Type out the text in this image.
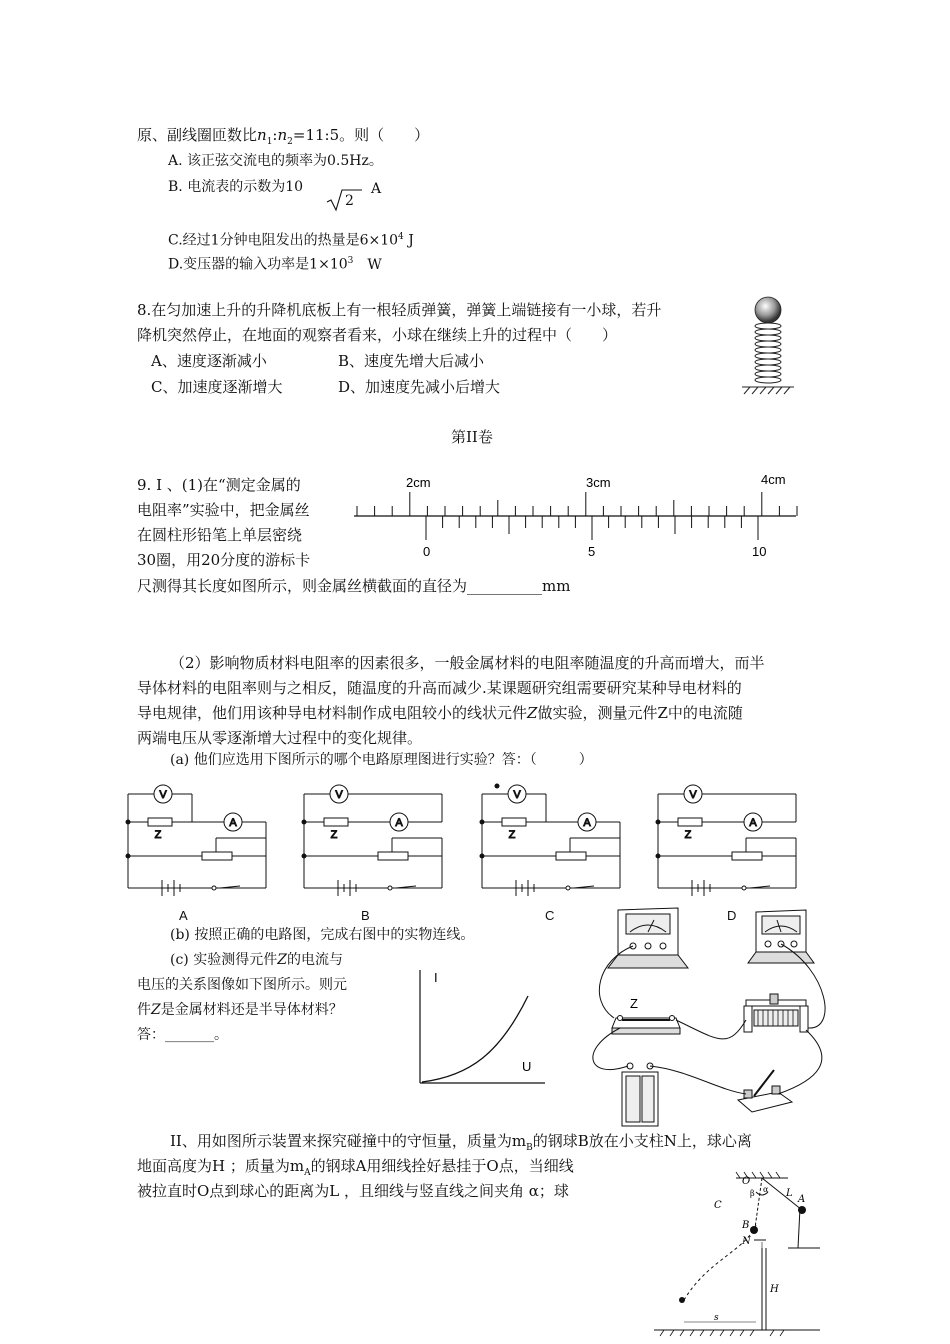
原、副线圈匝数比$n_1:n_2=11:5$。则（　　）
A. 该正弦交流电的频率为0.5Hz。
B. 电流表的示数为10
2
A
C.经过1分钟电阻发出的热量是$6\times 10^4$ J
D.变压器的输入功率是$1\times 10^3$ W
8.在匀加速上升的升降机底板上有一根轻质弹簧，弹簧上端链接有一小球，若升
降机突然停止，在地面的观察者看来，小球在继续上升的过程中（　　）
A、速度逐渐减小	B、速度先增大后减小
C、加速度逐渐增大	D、加速度先减小后增大
第II卷
9. I 、(1)在“测定金属的
电阻率”实验中，把金属丝
在圆柱形铅笔上单层密绕
30圈，用20分度的游标卡
尺测得其长度如图所示，则金属丝横截面的直径为__________mm
2cm	3cm	4cm
0	5	10
（2）影响物质材料电阻率的因素很多，一般金属材料的电阻率随温度的升高而增大，而半
导体材料的电阻率则与之相反，随温度的升高而减少.某课题研究组需要研究某种导电材料的
导电规律，他们用该种导电材料制作成电阻较小的线状元件Z做实验，测量元件Z中的电流随
两端电压从零逐渐增大过程中的变化规律。
(a) 他们应选用下图所示的哪个电路原理图进行实验？答：（　　　）
V
Z
A
V
Z
A
V
Z
A
V
Z
A
A	B	C	D
(b) 按照正确的电路图，完成右图中的实物连线。
(c) 实验测得元件Z的电流与
电压的关系图像如下图所示。则元
件Z是金属材料还是半导体材料？
答：_______。
I
U
Z
II、用如图所示装置来探究碰撞中的守恒量，质量为$m_B$的钢球B放在小支柱N上，球心离
地面高度为H ；质量为$m_A$的钢球A用细线拴好悬挂于O点，当细线
被拉直时O点到球心的距离为L ，且细线与竖直线之间夹角 α；球
O
α
β	L
A
C
B
N
H
s
